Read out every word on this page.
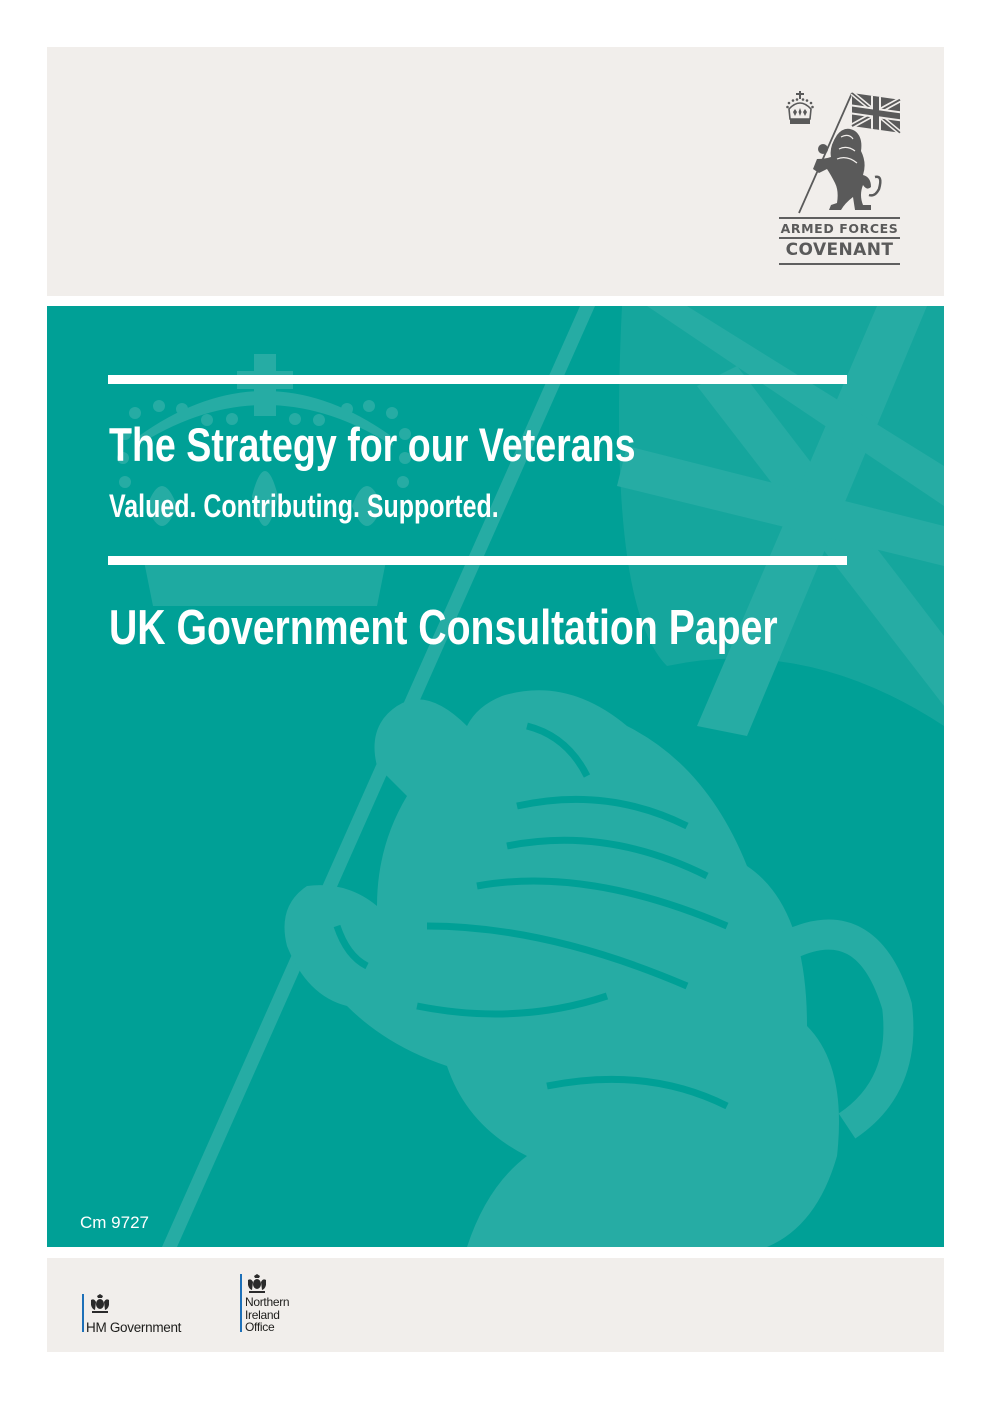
ARMED FORCES
COVENANT
The Strategy for our Veterans
Valued. Contributing. Supported.
UK Government Consultation Paper
Cm 9727
HM Government
Northern
Ireland
Office
